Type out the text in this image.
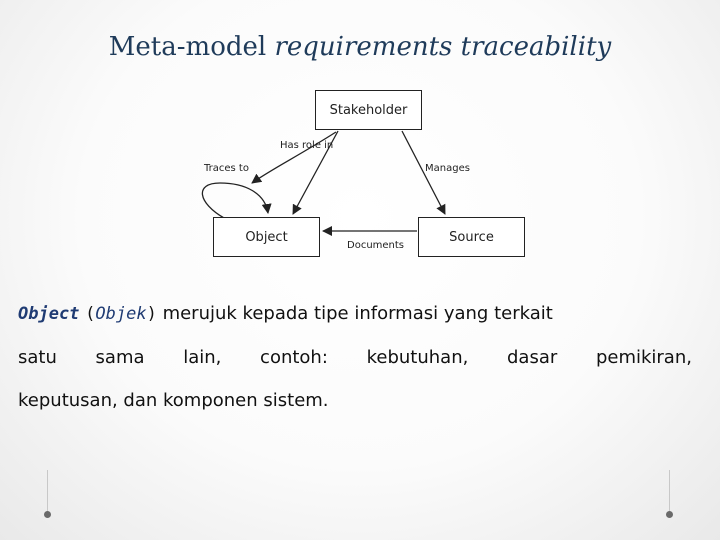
Meta-model requirements traceability
Stakeholder
Object	Source
Has role in
Traces to	Manages
Documents
Object (Objek) merujuk kepada tipe informasi yang terkait
satu sama lain, contoh: kebutuhan, dasar pemikiran,
keputusan, dan komponen sistem.
